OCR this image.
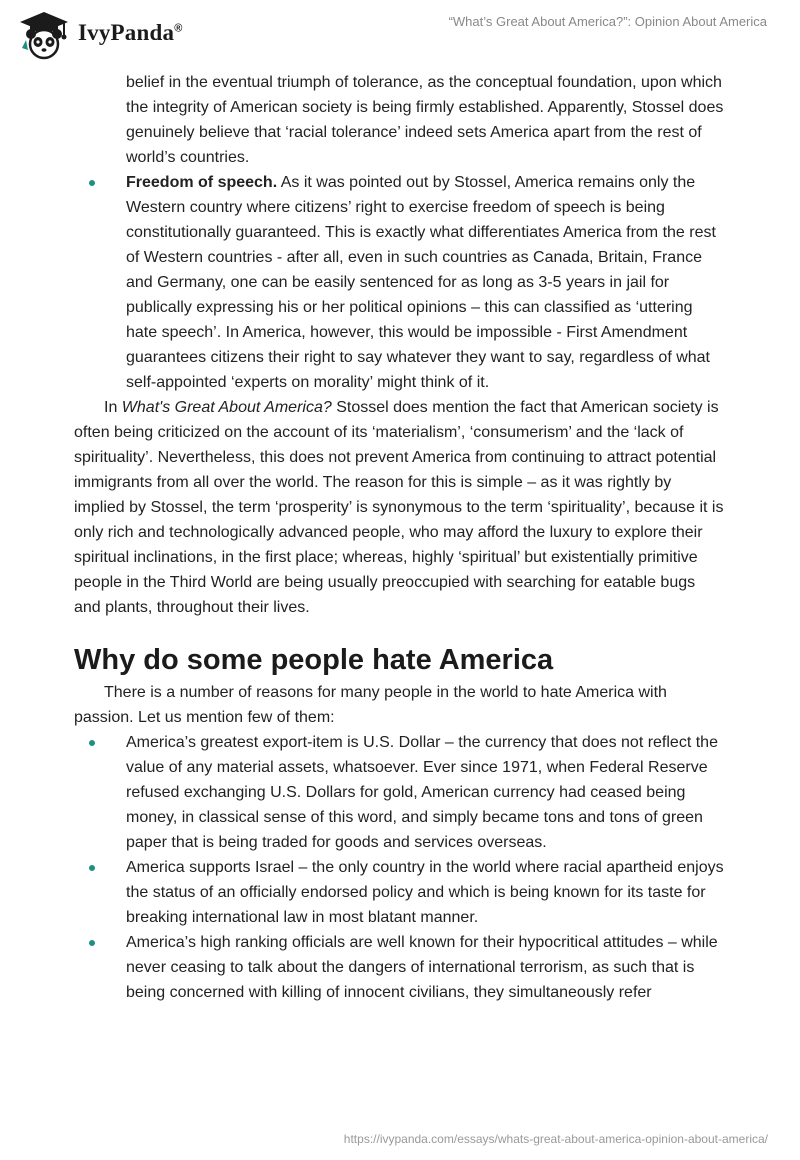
IvyPanda®	“What’s Great About America?”: Opinion About America
belief in the eventual triumph of tolerance, as the conceptual foundation, upon which the integrity of American society is being firmly established. Apparently, Stossel does genuinely believe that ‘racial tolerance’ indeed sets America apart from the rest of world’s countries.
Freedom of speech. As it was pointed out by Stossel, America remains only the Western country where citizens’ right to exercise freedom of speech is being constitutionally guaranteed. This is exactly what differentiates America from the rest of Western countries - after all, even in such countries as Canada, Britain, France and Germany, one can be easily sentenced for as long as 3-5 years in jail for publically expressing his or her political opinions – this can classified as ‘uttering hate speech’. In America, however, this would be impossible - First Amendment guarantees citizens their right to say whatever they want to say, regardless of what self-appointed ‘experts on morality’ might think of it.

In What's Great About America? Stossel does mention the fact that American society is often being criticized on the account of its ‘materialism’, ‘consumerism’ and the ‘lack of spirituality’. Nevertheless, this does not prevent America from continuing to attract potential immigrants from all over the world. The reason for this is simple – as it was rightly by implied by Stossel, the term ‘prosperity’ is synonymous to the term ‘spirituality’, because it is only rich and technologically advanced people, who may afford the luxury to explore their spiritual inclinations, in the first place; whereas, highly ‘spiritual’ but existentially primitive people in the Third World are being usually preoccupied with searching for eatable bugs and plants, throughout their lives.

Why do some people hate America

There is a number of reasons for many people in the world to hate America with passion. Let us mention few of them:

America’s greatest export-item is U.S. Dollar – the currency that does not reflect the value of any material assets, whatsoever. Ever since 1971, when Federal Reserve refused exchanging U.S. Dollars for gold, American currency had ceased being money, in classical sense of this word, and simply became tons and tons of green paper that is being traded for goods and services overseas.
America supports Israel – the only country in the world where racial apartheid enjoys the status of an officially endorsed policy and which is being known for its taste for breaking international law in most blatant manner.
America’s high ranking officials are well known for their hypocritical attitudes – while never ceasing to talk about the dangers of international terrorism, as such that is being concerned with killing of innocent civilians, they simultaneously refer
https://ivypanda.com/essays/whats-great-about-america-opinion-about-america/
